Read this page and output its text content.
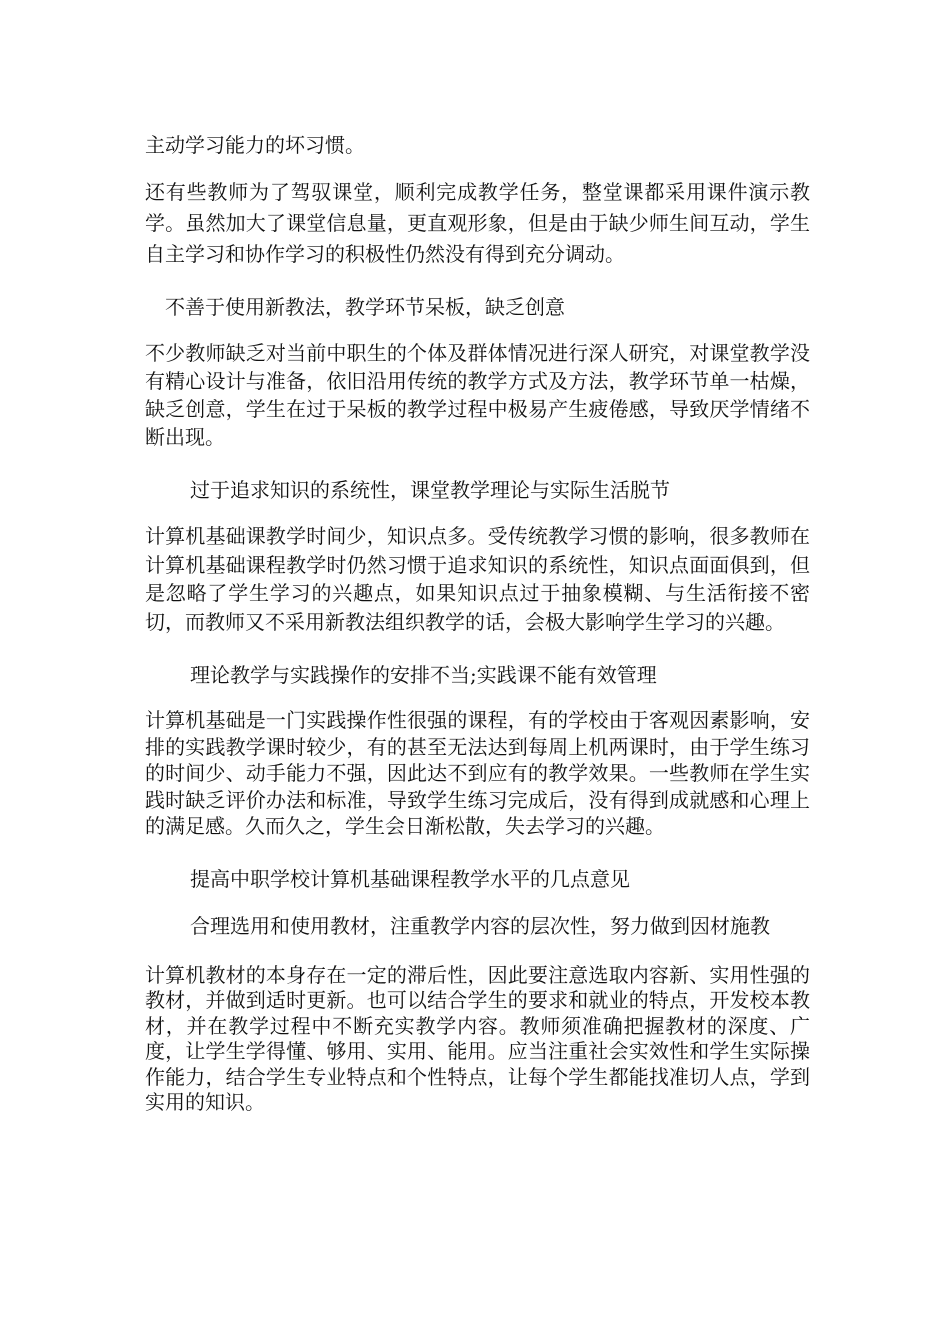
主动学习能力的坏习惯。

还有些教师为了驾驭课堂，顺利完成教学任务，整堂课都采用课件演示教学。虽然加大了课堂信息量，更直观形象，但是由于缺少师生间互动，学生自主学习和协作学习的积极性仍然没有得到充分调动。

不善于使用新教法，教学环节呆板，缺乏创意

不少教师缺乏对当前中职生的个体及群体情况进行深人研究，对课堂教学没有精心设计与准备，依旧沿用传统的教学方式及方法，教学环节单一枯燥，缺乏创意，学生在过于呆板的教学过程中极易产生疲倦感，导致厌学情绪不断出现。

过于追求知识的系统性，课堂教学理论与实际生活脱节

计算机基础课教学时间少，知识点多。受传统教学习惯的影响，很多教师在计算机基础课程教学时仍然习惯于追求知识的系统性，知识点面面俱到，但是忽略了学生学习的兴趣点，如果知识点过于抽象模糊、与生活衔接不密切，而教师又不采用新教法组织教学的话，会极大影响学生学习的兴趣。

理论教学与实践操作的安排不当;实践课不能有效管理

计算机基础是一门实践操作性很强的课程，有的学校由于客观因素影响，安排的实践教学课时较少，有的甚至无法达到每周上机两课时，由于学生练习的时间少、动手能力不强，因此达不到应有的教学效果。一些教师在学生实践时缺乏评价办法和标准，导致学生练习完成后，没有得到成就感和心理上的满足感。久而久之，学生会日渐松散，失去学习的兴趣。

提高中职学校计算机基础课程教学水平的几点意见

合理选用和使用教材，注重教学内容的层次性，努力做到因材施教

计算机教材的本身存在一定的滞后性，因此要注意选取内容新、实用性强的教材，并做到适时更新。也可以结合学生的要求和就业的特点，开发校本教材，并在教学过程中不断充实教学内容。教师须准确把握教材的深度、广度，让学生学得懂、够用、实用、能用。应当注重社会实效性和学生实际操作能力，结合学生专业特点和个性特点，让每个学生都能找准切人点，学到实用的知识。
